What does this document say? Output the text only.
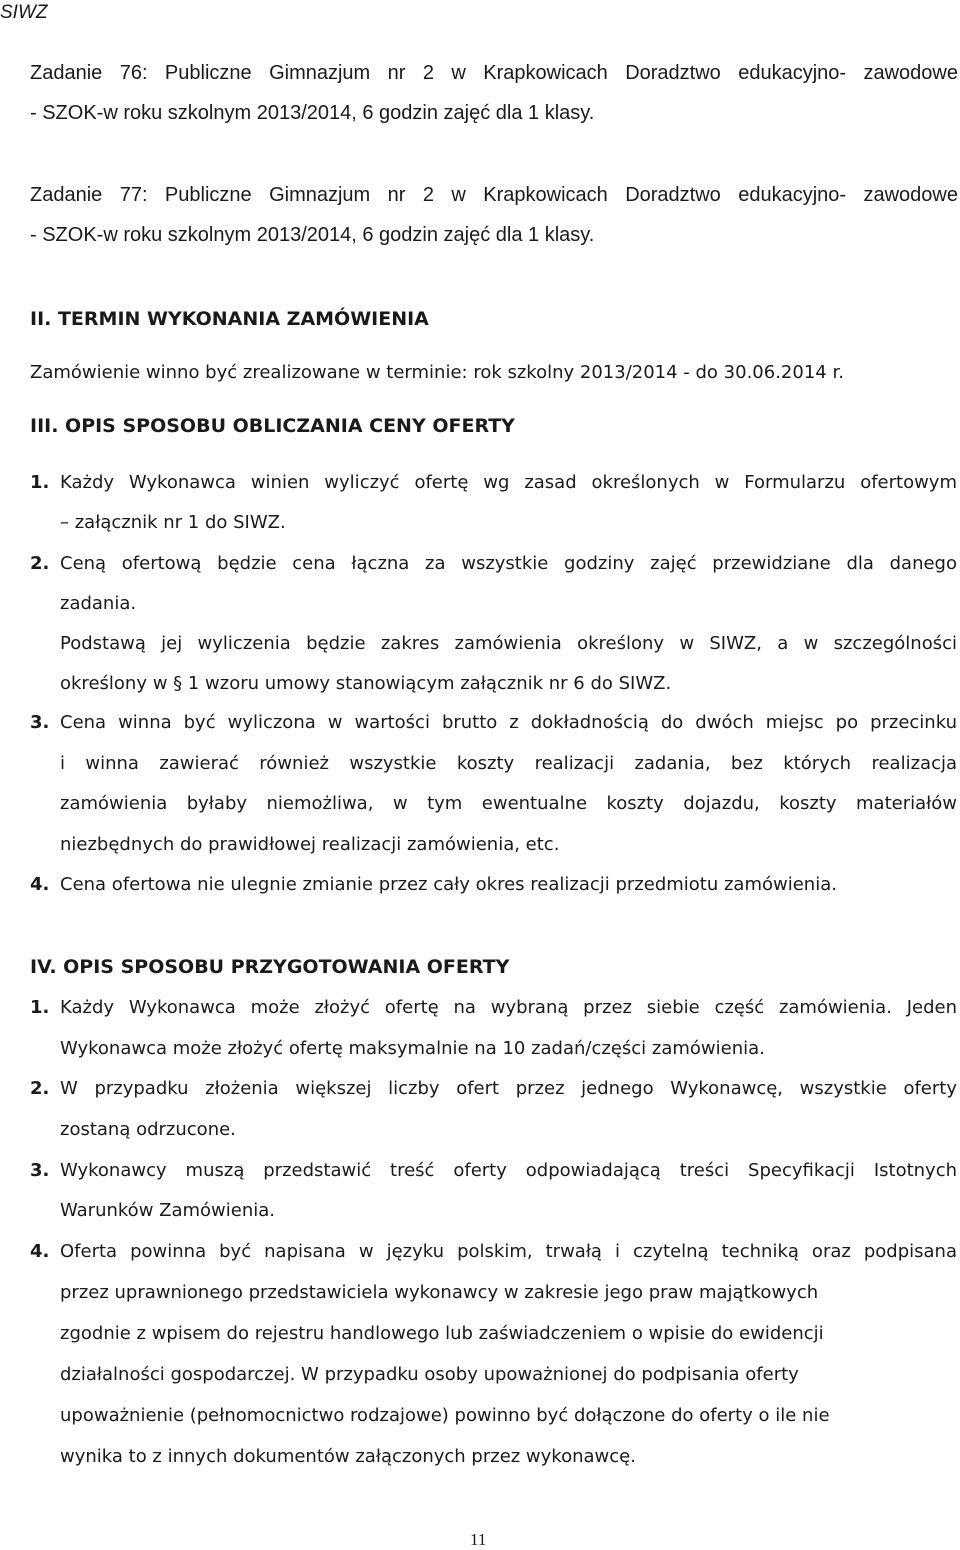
SIWZ
Zadanie 76: Publiczne Gimnazjum nr 2 w Krapkowicach Doradztwo edukacyjno- zawodowe
- SZOK-w roku szkolnym 2013/2014, 6 godzin zajęć dla 1 klasy.
Zadanie 77: Publiczne Gimnazjum nr 2 w Krapkowicach Doradztwo edukacyjno- zawodowe
- SZOK-w roku szkolnym 2013/2014, 6 godzin zajęć dla 1 klasy.
II. TERMIN WYKONANIA ZAMÓWIENIA
Zamówienie winno być zrealizowane w terminie: rok szkolny 2013/2014 - do 30.06.2014 r.
III. OPIS SPOSOBU OBLICZANIA CENY OFERTY
1. Każdy Wykonawca winien wyliczyć ofertę wg zasad określonych w Formularzu ofertowym
– załącznik nr 1 do SIWZ.
2. Ceną ofertową będzie cena łączna za wszystkie godziny zajęć przewidziane dla danego
zadania.
Podstawą jej wyliczenia będzie zakres zamówienia określony w SIWZ, a w szczególności
określony w § 1 wzoru umowy stanowiącym załącznik nr 6 do SIWZ.
3. Cena winna być wyliczona w wartości brutto z dokładnością do dwóch miejsc po przecinku
i winna zawierać również wszystkie koszty realizacji zadania, bez których realizacja
zamówienia byłaby niemożliwa, w tym ewentualne koszty dojazdu, koszty materiałów
niezbędnych do prawidłowej realizacji zamówienia, etc.
4. Cena ofertowa nie ulegnie zmianie przez cały okres realizacji przedmiotu zamówienia.
IV. OPIS SPOSOBU PRZYGOTOWANIA OFERTY
1. Każdy Wykonawca może złożyć ofertę na wybraną przez siebie część zamówienia. Jeden
Wykonawca może złożyć ofertę maksymalnie na 10 zadań/części zamówienia.
2. W przypadku złożenia większej liczby ofert przez jednego Wykonawcę, wszystkie oferty
zostaną odrzucone.
3. Wykonawcy muszą przedstawić treść oferty odpowiadającą treści Specyfikacji Istotnych
Warunków Zamówienia.
4. Oferta powinna być napisana w języku polskim, trwałą i czytelną techniką oraz podpisana
przez uprawnionego przedstawiciela wykonawcy w zakresie jego praw majątkowych
zgodnie z wpisem do rejestru handlowego lub zaświadczeniem o wpisie do ewidencji
działalności gospodarczej. W przypadku osoby upoważnionej do podpisania oferty
upoważnienie (pełnomocnictwo rodzajowe) powinno być dołączone do oferty o ile nie
wynika to z innych dokumentów załączonych przez wykonawcę.
11
